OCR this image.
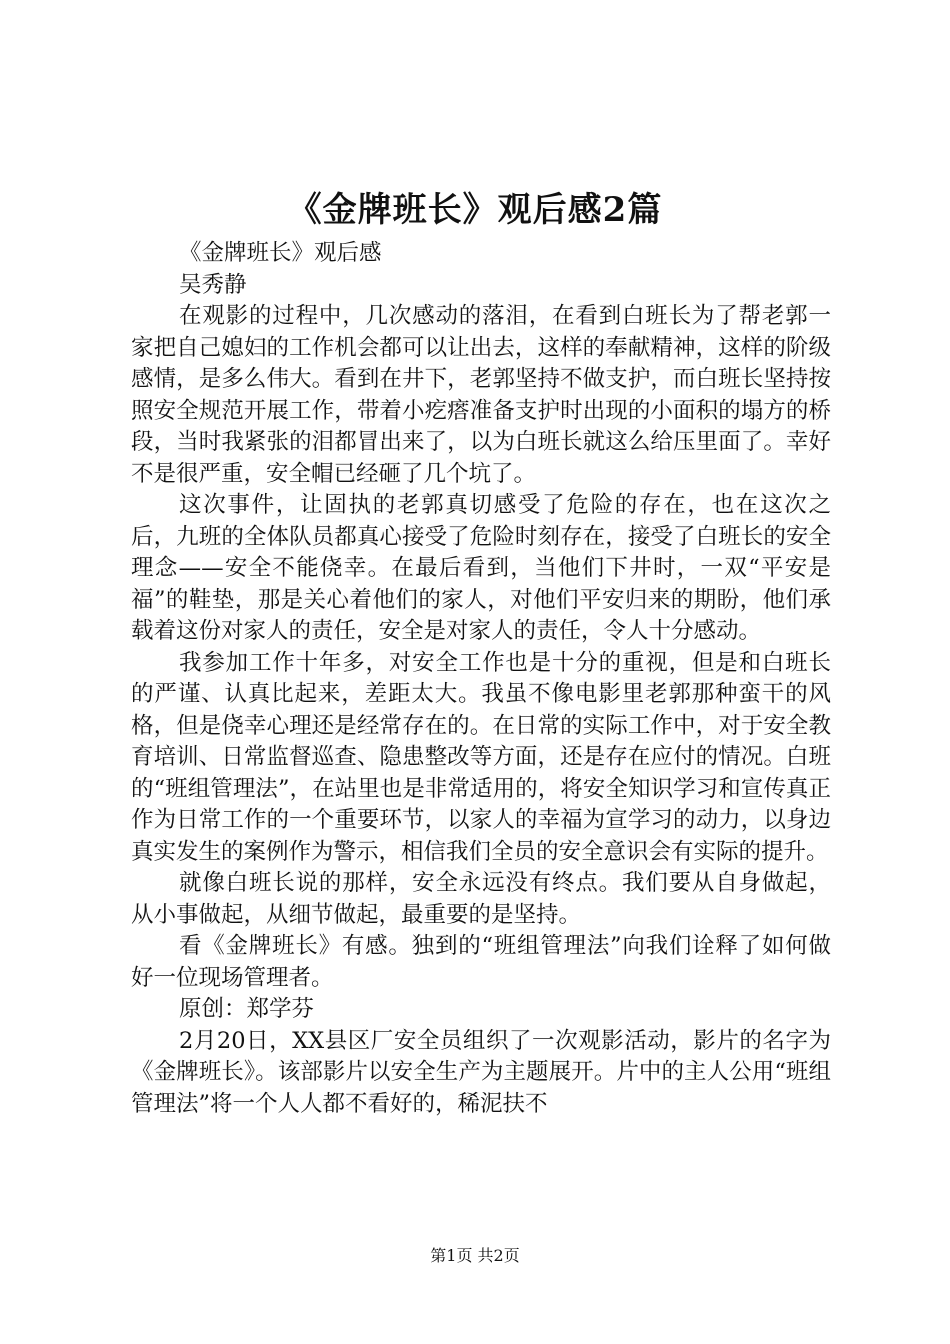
《金牌班长》观后感2篇

《金牌班长》观后感

吴秀静

在观影的过程中，几次感动的落泪，在看到白班长为了帮老郭一家把自己媳妇的工作机会都可以让出去，这样的奉献精神，这样的阶级感情，是多么伟大。看到在井下，老郭坚持不做支护，而白班长坚持按照安全规范开展工作，带着小疙瘩准备支护时出现的小面积的塌方的桥段，当时我紧张的泪都冒出来了，以为白班长就这么给压里面了。幸好不是很严重，安全帽已经砸了几个坑了。

这次事件，让固执的老郭真切感受了危险的存在，也在这次之后，九班的全体队员都真心接受了危险时刻存在，接受了白班长的安全理念——安全不能侥幸。在最后看到，当他们下井时，一双“平安是福”的鞋垫，那是关心着他们的家人，对他们平安归来的期盼，他们承载着这份对家人的责任，安全是对家人的责任，令人十分感动。

我参加工作十年多，对安全工作也是十分的重视，但是和白班长的严谨、认真比起来，差距太大。我虽不像电影里老郭那种蛮干的风格，但是侥幸心理还是经常存在的。在日常的实际工作中，对于安全教育培训、日常监督巡查、隐患整改等方面，还是存在应付的情况。白班的“班组管理法”，在站里也是非常适用的，将安全知识学习和宣传真正作为日常工作的一个重要环节，以家人的幸福为宣学习的动力，以身边真实发生的案例作为警示，相信我们全员的安全意识会有实际的提升。

就像白班长说的那样，安全永远没有终点。我们要从自身做起，从小事做起，从细节做起，最重要的是坚持。

看《金牌班长》有感。独到的“班组管理法”向我们诠释了如何做好一位现场管理者。

原创：郑学芬

2月20日，XX县区厂安全员组织了一次观影活动，影片的名字为《金牌班长》。该部影片以安全生产为主题展开。片中的主人公用“班组管理法”将一个人人都不看好的，稀泥扶不

第1页 共2页
